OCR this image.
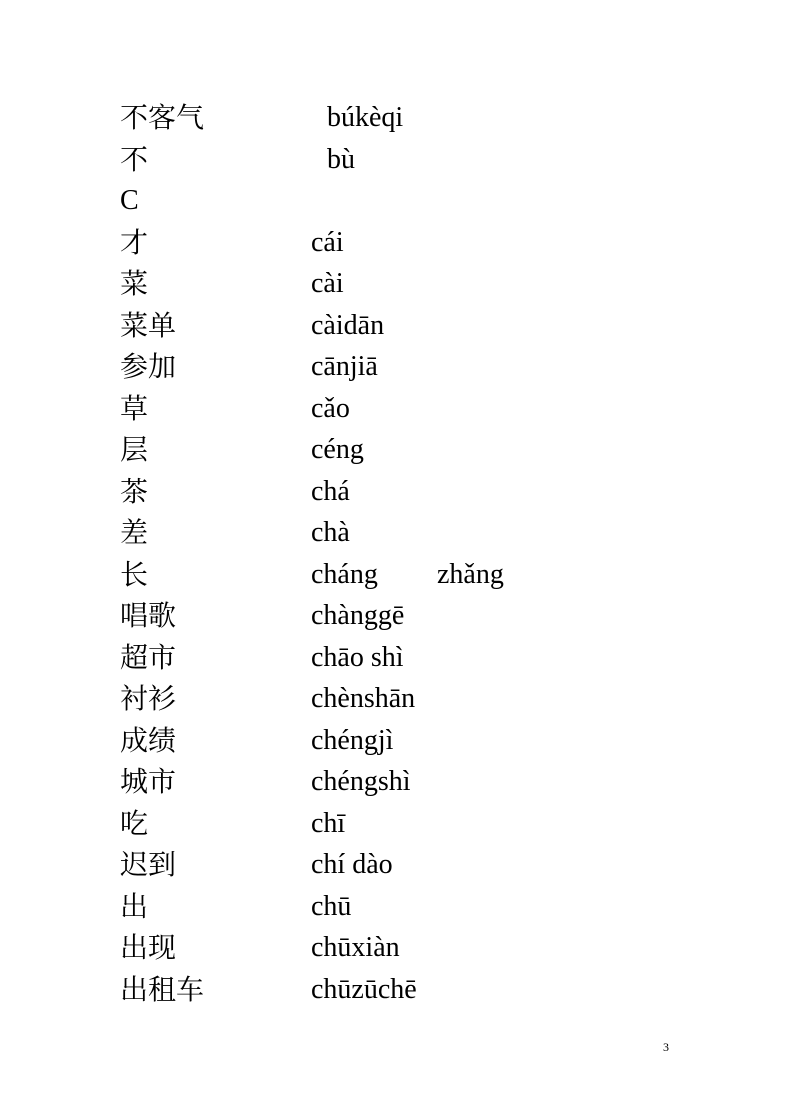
不客气	búkèqi
不	bù
C
才	cái
菜	cài
菜单	càidān
参加	cānjiā
草	cǎo
层	céng
茶	chá
差	chà
长	cháng zhǎng
唱歌	chànggē
超市	chāo shì
衬衫	chènshān
成绩	chéngjì
城市	chéngshì
吃	chī
迟到	chí dào
出	chū
出现	chūxiàn
出租车	chūzūchē
3
